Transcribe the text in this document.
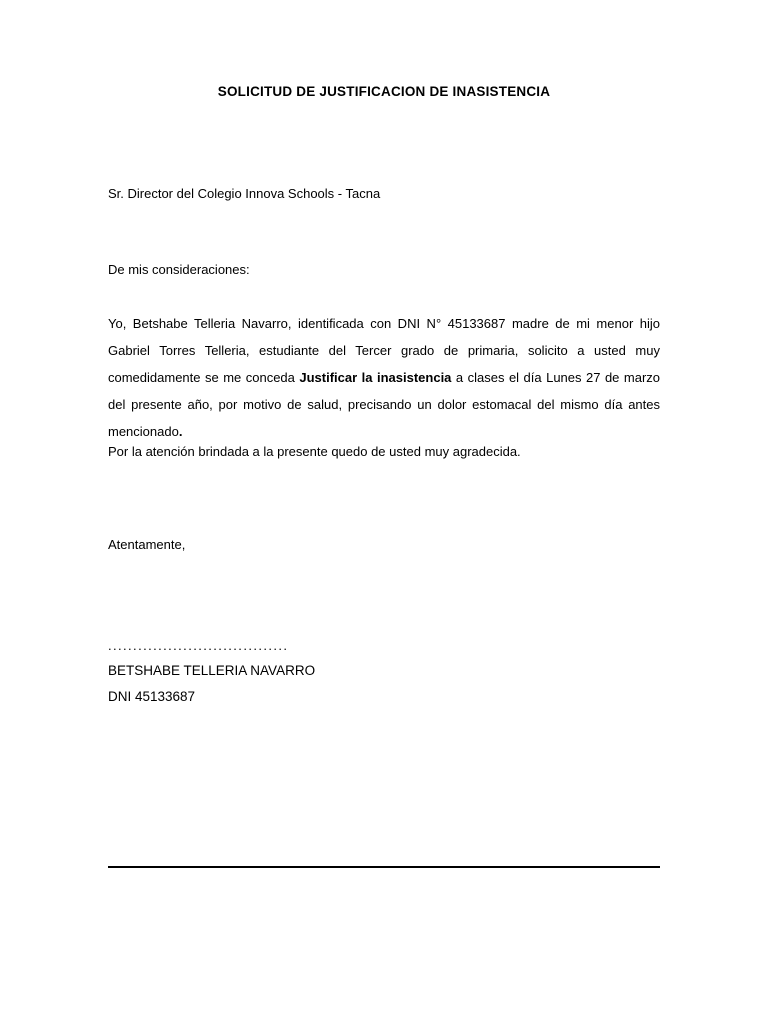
SOLICITUD DE JUSTIFICACION DE INASISTENCIA
Sr. Director del Colegio Innova Schools - Tacna
De mis consideraciones:
Yo, Betshabe Telleria Navarro, identificada con DNI N° 45133687 madre de mi menor hijo Gabriel Torres Telleria, estudiante del Tercer grado de primaria, solicito a usted muy comedidamente se me conceda Justificar la inasistencia a clases el día Lunes 27 de marzo del presente año, por motivo de salud, precisando un dolor estomacal del mismo día antes mencionado.
Por la atención brindada a la presente quedo de usted muy agradecida.
Atentamente,
....................................
BETSHABE TELLERIA NAVARRO
DNI 45133687
